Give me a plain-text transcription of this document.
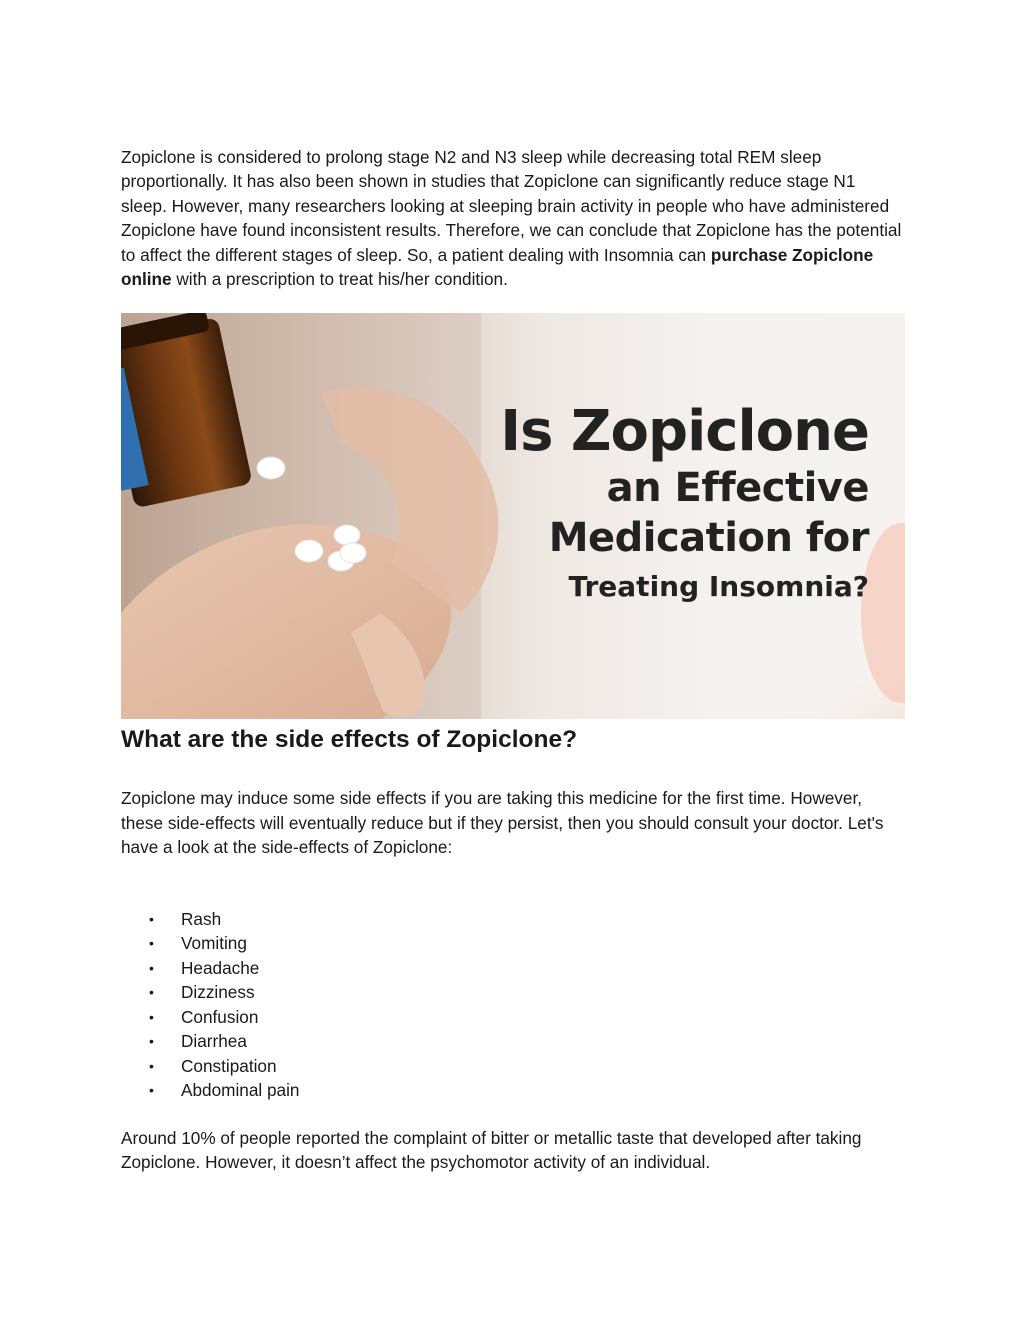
Zopiclone is considered to prolong stage N2 and N3 sleep while decreasing total REM sleep proportionally. It has also been shown in studies that Zopiclone can significantly reduce stage N1 sleep. However, many researchers looking at sleeping brain activity in people who have administered Zopiclone have found inconsistent results. Therefore, we can conclude that Zopiclone has the potential to affect the different stages of sleep. So, a patient dealing with Insomnia can purchase Zopiclone online with a prescription to treat his/her condition.

Is Zopiclone
an Effective
Medication for
Treating Insomnia?
What are the side effects of Zopiclone?

Zopiclone may induce some side effects if you are taking this medicine for the first time. However, these side-effects will eventually reduce but if they persist, then you should consult your doctor. Let's have a look at the side-effects of Zopiclone:

• Rash
• Vomiting
• Headache
• Dizziness
• Confusion
• Diarrhea
• Constipation
• Abdominal pain

Around 10% of people reported the complaint of bitter or metallic taste that developed after taking Zopiclone. However, it doesn’t affect the psychomotor activity of an individual.
